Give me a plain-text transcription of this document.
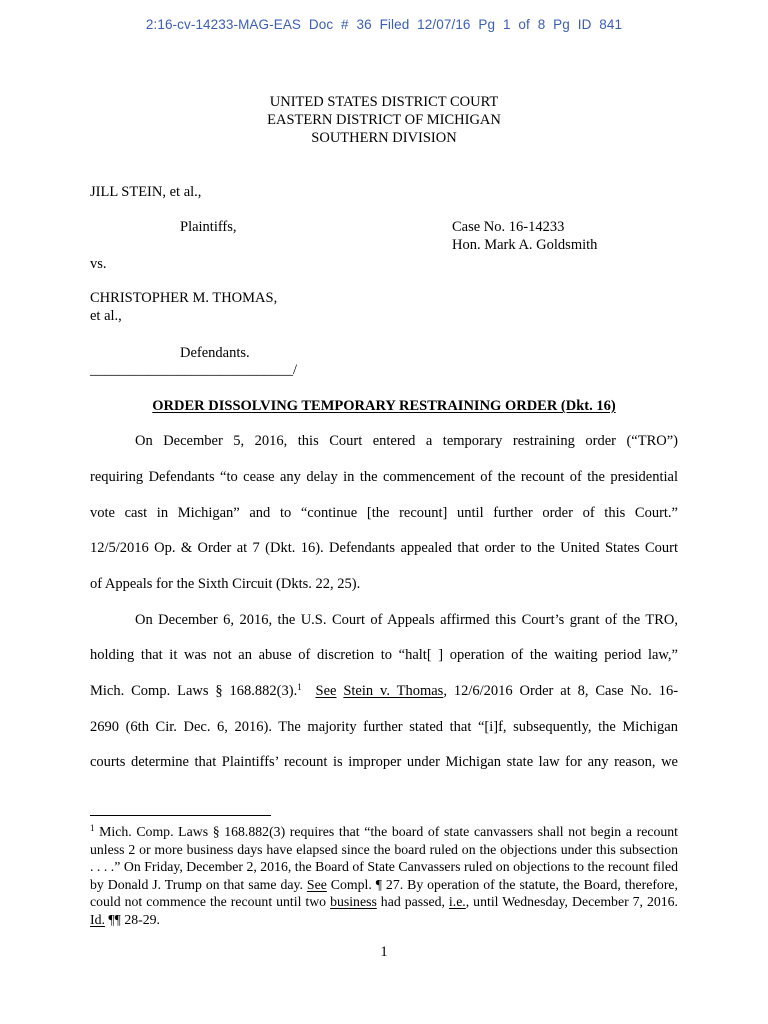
2:16-cv-14233-MAG-EAS Doc # 36 Filed 12/07/16 Pg 1 of 8 Pg ID 841
UNITED STATES DISTRICT COURT
EASTERN DISTRICT OF MICHIGAN
SOUTHERN DIVISION
JILL STEIN, et al.,
Plaintiffs,	Case No. 16-14233
Hon. Mark A. Goldsmith
vs.
CHRISTOPHER M. THOMAS,
et al.,
Defendants.
____________________________/
ORDER DISSOLVING TEMPORARY RESTRAINING ORDER (Dkt. 16)
On December 5, 2016, this Court entered a temporary restraining order (“TRO”)
requiring Defendants “to cease any delay in the commencement of the recount of the presidential
vote cast in Michigan” and to “continue [the recount] until further order of this Court.”
12/5/2016 Op. & Order at 7 (Dkt. 16). Defendants appealed that order to the United States Court
of Appeals for the Sixth Circuit (Dkts. 22, 25).
On December 6, 2016, the U.S. Court of Appeals affirmed this Court’s grant of the TRO,
holding that it was not an abuse of discretion to “halt[ ] operation of the waiting period law,”
Mich. Comp. Laws § 168.882(3).$^1$ See Stein v. Thomas, 12/6/2016 Order at 8, Case No. 16-
2690 (6th Cir. Dec. 6, 2016). The majority further stated that “[i]f, subsequently, the Michigan
courts determine that Plaintiffs’ recount is improper under Michigan state law for any reason, we
$^1$ Mich. Comp. Laws § 168.882(3) requires that “the board of state canvassers shall not begin a recount unless 2 or more business days have elapsed since the board ruled on the objections under this subsection . . . .” On Friday, December 2, 2016, the Board of State Canvassers ruled on objections to the recount filed by Donald J. Trump on that same day. See Compl. ¶ 27. By operation of the statute, the Board, therefore, could not commence the recount until two business had passed, i.e., until Wednesday, December 7, 2016. Id. ¶¶ 28-29.
1
